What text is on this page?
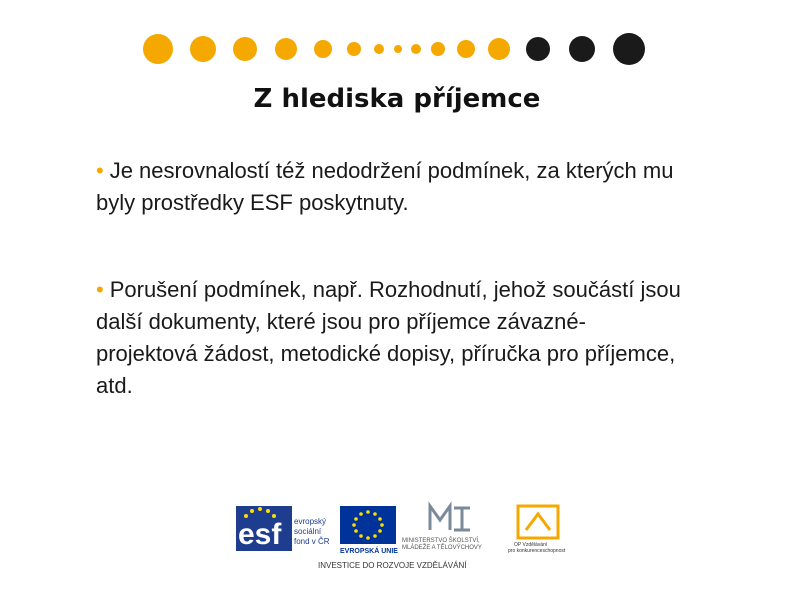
Z hlediska příjemce

• Je nesrovnalostí též nedodržení podmínek, za kterých mu byly prostředky ESF poskytnuty.

• Porušení podmínek, např. Rozhodnutí, jehož součástí jsou další dokumenty, které jsou pro příjemce závazné- projektová žádost, metodické dopisy, příručka pro příjemce, atd.

esf evropský
sociální
fond v ČR
EVROPSKÁ UNIE
MINISTERSTVO ŠKOLSTVÍ,
MLÁDEŽE A TĚLOVÝCHOVY	OP Vzdělávání
pro konkurenceschopnost
INVESTICE DO ROZVOJE VZDĚLÁVÁNÍ
